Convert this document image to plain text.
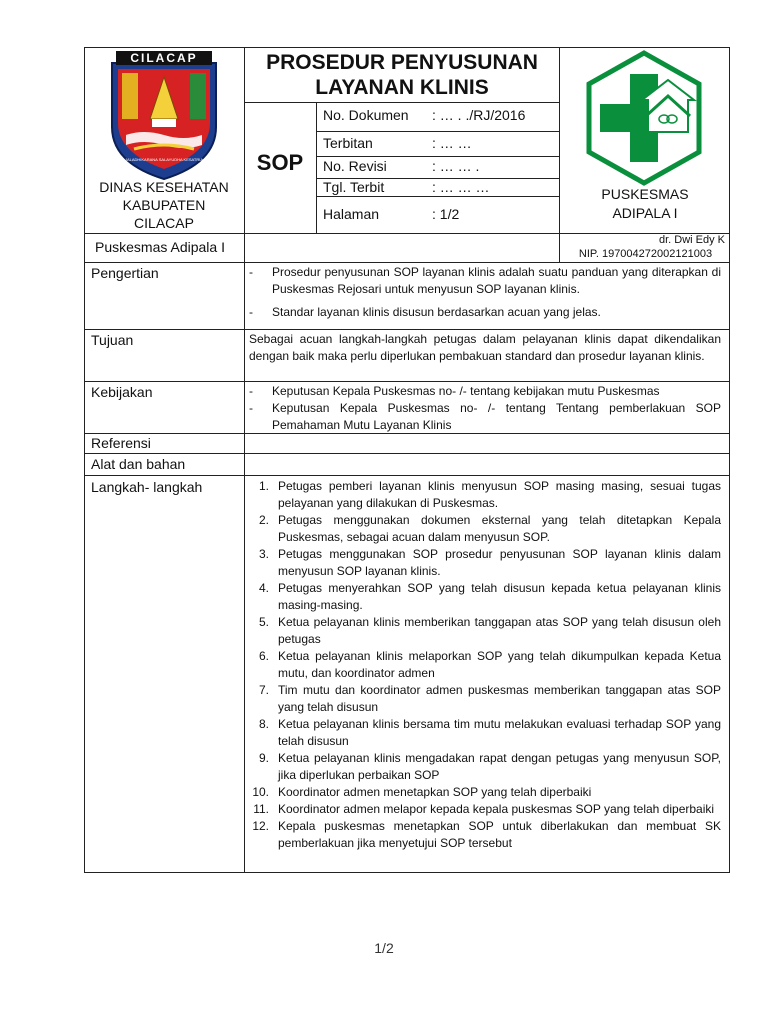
CILACAP
JALADHIKARANA SALAYUDHA KESATRIA
DINAS KESEHATAN
KABUPATEN
CILACAP
PROSEDUR PENYUSUNAN
LAYANAN KLINIS
SOP
No. Dokumen : … . ./RJ/2016
Terbitan	: … …
No. Revisi	: … … .
Tgl. Terbit	: … … …
Halaman	: 1/2
PUSKESMAS
ADIPALA I
Puskesmas Adipala I	dr. Dwi Edy K
NIP. 197004272002121003
Pengertian	- Prosedur penyusunan SOP layanan klinis adalah suatu panduan yang diterapkan di Puskesmas Rejosari untuk menyusun SOP layanan klinis.
- Standar layanan klinis disusun berdasarkan acuan yang jelas.
Tujuan	Sebagai acuan langkah-langkah petugas dalam pelayanan klinis dapat dikendalikan dengan baik maka perlu diperlukan pembakuan standard dan prosedur layanan klinis.
Kebijakan	- Keputusan Kepala Puskesmas no- /- tentang kebijakan mutu Puskesmas
- Keputusan Kepala Puskesmas no- /- tentang Tentang pemberlakuan SOP Pemahaman Mutu Layanan Klinis
Referensi
Alat dan bahan
Langkah- langkah	1. Petugas pemberi layanan klinis menyusun SOP masing masing, sesuai tugas pelayanan yang dilakukan di Puskesmas.
2. Petugas menggunakan dokumen eksternal yang telah ditetapkan Kepala Puskesmas, sebagai acuan dalam menyusun SOP.
3. Petugas menggunakan SOP prosedur penyusunan SOP layanan klinis dalam menyusun SOP layanan klinis.
4. Petugas menyerahkan SOP yang telah disusun kepada ketua pelayanan klinis masing-masing.
5. Ketua pelayanan klinis memberikan tanggapan atas SOP yang telah disusun oleh petugas
6. Ketua pelayanan klinis melaporkan SOP yang telah dikumpulkan kepada Ketua mutu, dan koordinator admen
7. Tim mutu dan koordinator admen puskesmas memberikan tanggapan atas SOP yang telah disusun
8. Ketua pelayanan klinis bersama tim mutu melakukan evaluasi terhadap SOP yang telah disusun
9. Ketua pelayanan klinis mengadakan rapat dengan petugas yang menyusun SOP, jika diperlukan perbaikan SOP
10. Koordinator admen menetapkan SOP yang telah diperbaiki
11. Koordinator admen melapor kepada kepala puskesmas SOP yang telah diperbaiki
12. Kepala puskesmas menetapkan SOP untuk diberlakukan dan membuat SK pemberlakuan jika menyetujui SOP tersebut
1/2
